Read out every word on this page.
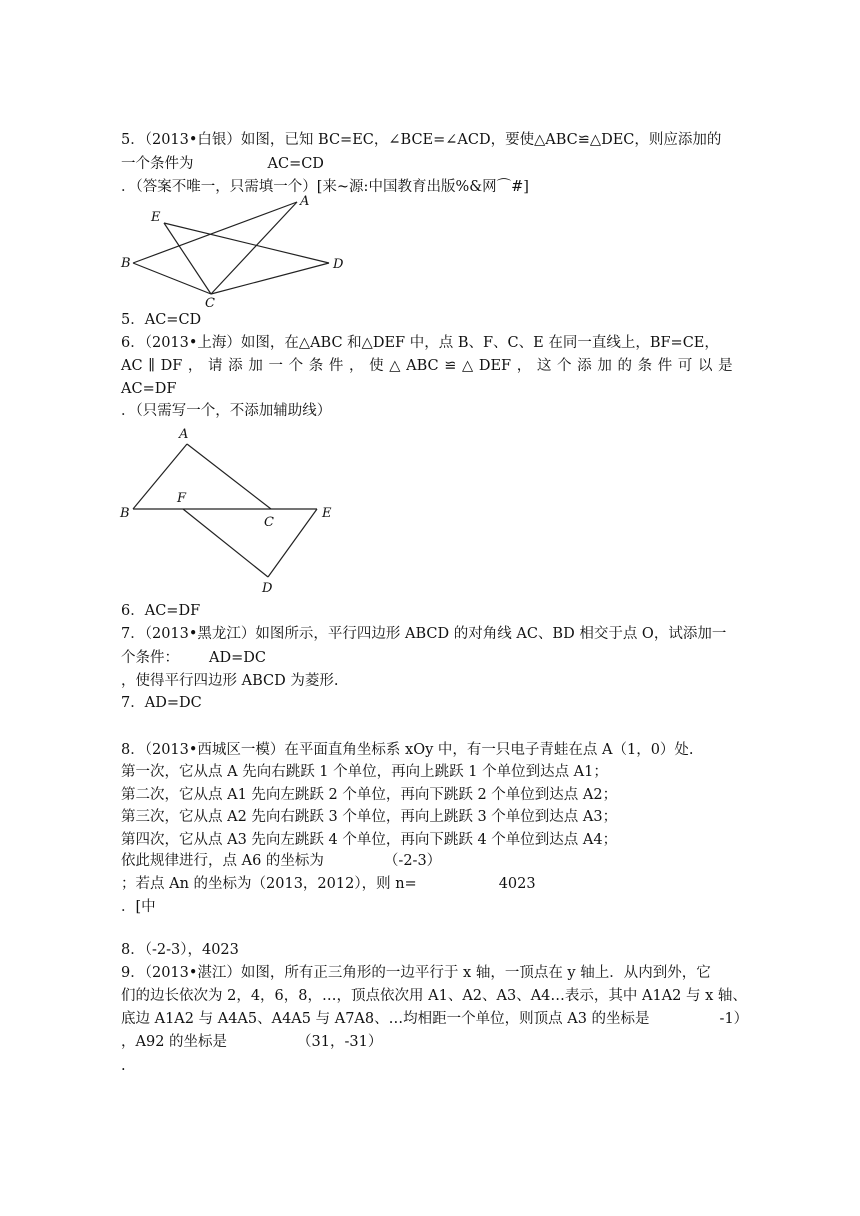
5．（2013•白银）如图，已知 BC=EC，∠BCE=∠ACD，要使△ABC≌△DEC，则应添加的
一个条件为	AC=CD
．（答案不唯一，只需填一个）[来~源:中国教育出版%&网⌒#]
A
E
B	D
C
5．AC=CD
6．（2013•上海）如图，在△ABC 和△DEF 中，点 B、F、C、E 在同一直线上，BF=CE，
AC ∥ DF ， 请 添 加 一 个 条 件 ， 使 △ ABC ≌ △ DEF ， 这 个 添 加 的 条 件 可 以 是
AC=DF
．（只需写一个，不添加辅助线）
A
B
F
C
E
D
6．AC=DF
7．（2013•黑龙江）如图所示，平行四边形 ABCD 的对角线 AC、BD 相交于点 O，试添加一
个条件： AD=DC
，使得平行四边形 ABCD 为菱形.
7．AD=DC
8．（2013•西城区一模）在平面直角坐标系 xOy 中，有一只电子青蛙在点 A（1，0）处.
第一次，它从点 A 先向右跳跃 1 个单位，再向上跳跃 1 个单位到达点 A1；
第二次，它从点 A1 先向左跳跃 2 个单位，再向下跳跃 2 个单位到达点 A2；
第三次，它从点 A2 先向右跳跃 3 个单位，再向上跳跃 3 个单位到达点 A3；
第四次，它从点 A3 先向左跳跃 4 个单位，再向下跳跃 4 个单位到达点 A4；
依此规律进行，点 A6 的坐标为	（-2-3）
；若点 An 的坐标为（2013，2012），则 n=	4023
．[中
8．（-2-3），4023
9．（2013•湛江）如图，所有正三角形的一边平行于 x 轴，一顶点在 y 轴上．从内到外，它
们的边长依次为 2，4，6，8，…，顶点依次用 A1、A2、A3、A4…表示，其中 A1A2 与 x 轴、
底边 A1A2 与 A4A5、A4A5 与 A7A8、…均相距一个单位，则顶点 A3 的坐标是	-1）
，A92 的坐标是	（31，-31）
.
